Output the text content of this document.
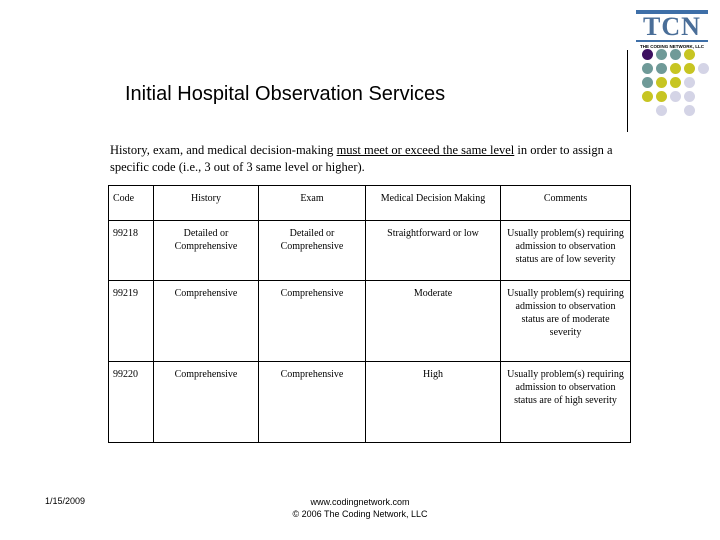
Initial Hospital Observation Services
History, exam, and medical decision-making must meet or exceed the same level in order to assign a specific code (i.e., 3 out of 3 same level or higher).
Code	History	Exam	Medical Decision Making	Comments
99218	Detailed or Comprehensive	Detailed or Comprehensive	Straightforward or low	Usually problem(s) requiring admission to observation status are of low severity
99219	Comprehensive	Comprehensive	Moderate	Usually problem(s) requiring admission to observation status are of moderate severity
99220	Comprehensive	Comprehensive	High	Usually problem(s) requiring admission to observation status are of high severity
1/15/2009	www.codingnetwork.com
© 2006 The Coding Network, LLC
TCN
THE CODING NETWORK, LLC
